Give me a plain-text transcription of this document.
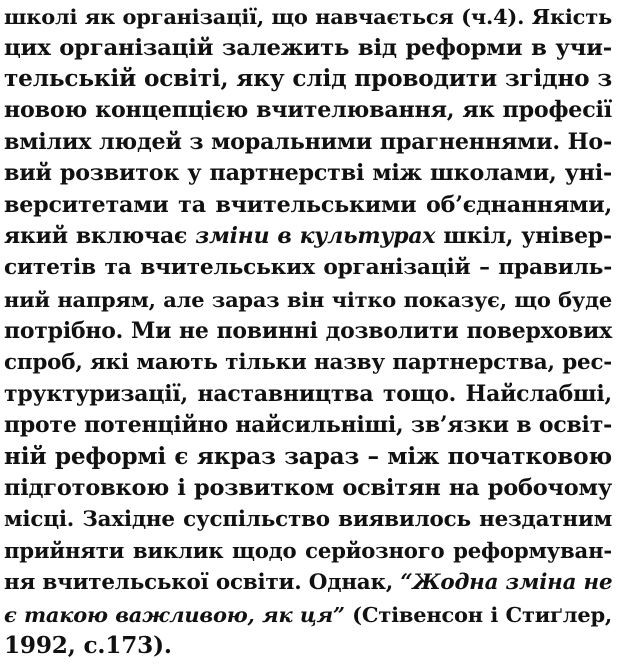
школі як організації, що навчається (ч.4). Якість
цих організацій залежить від реформи в учи-
тельській освіті, яку слід проводити згідно з
новою концепцією вчителювання, як професії
вмілих людей з моральними прагненнями. Но-
вий розвиток у партнерстві між школами, уні-
верситетами та вчительськими об’єднаннями,
який включає зміни в культурах шкіл, універ-
ситетів та вчительських організацій – правиль-
ний напрям, але зараз він чітко показує, що буде
потрібно. Ми не повинні дозволити поверхових
спроб, які мають тільки назву партнерства, рес-
труктуризації, наставництва тощо. Найслабші,
проте потенційно найсильніші, зв’язки в освіт-
ній реформі є якраз зараз – між початковою
підготовкою і розвитком освітян на робочому
місці. Західне суспільство виявилось нездатним
прийняти виклик щодо серйозного реформуван-
ня вчительської освіти. Однак, “Жодна зміна не
є такою важливою, як ця” (Стівенсон і Стиґлер,
1992, с.173).
